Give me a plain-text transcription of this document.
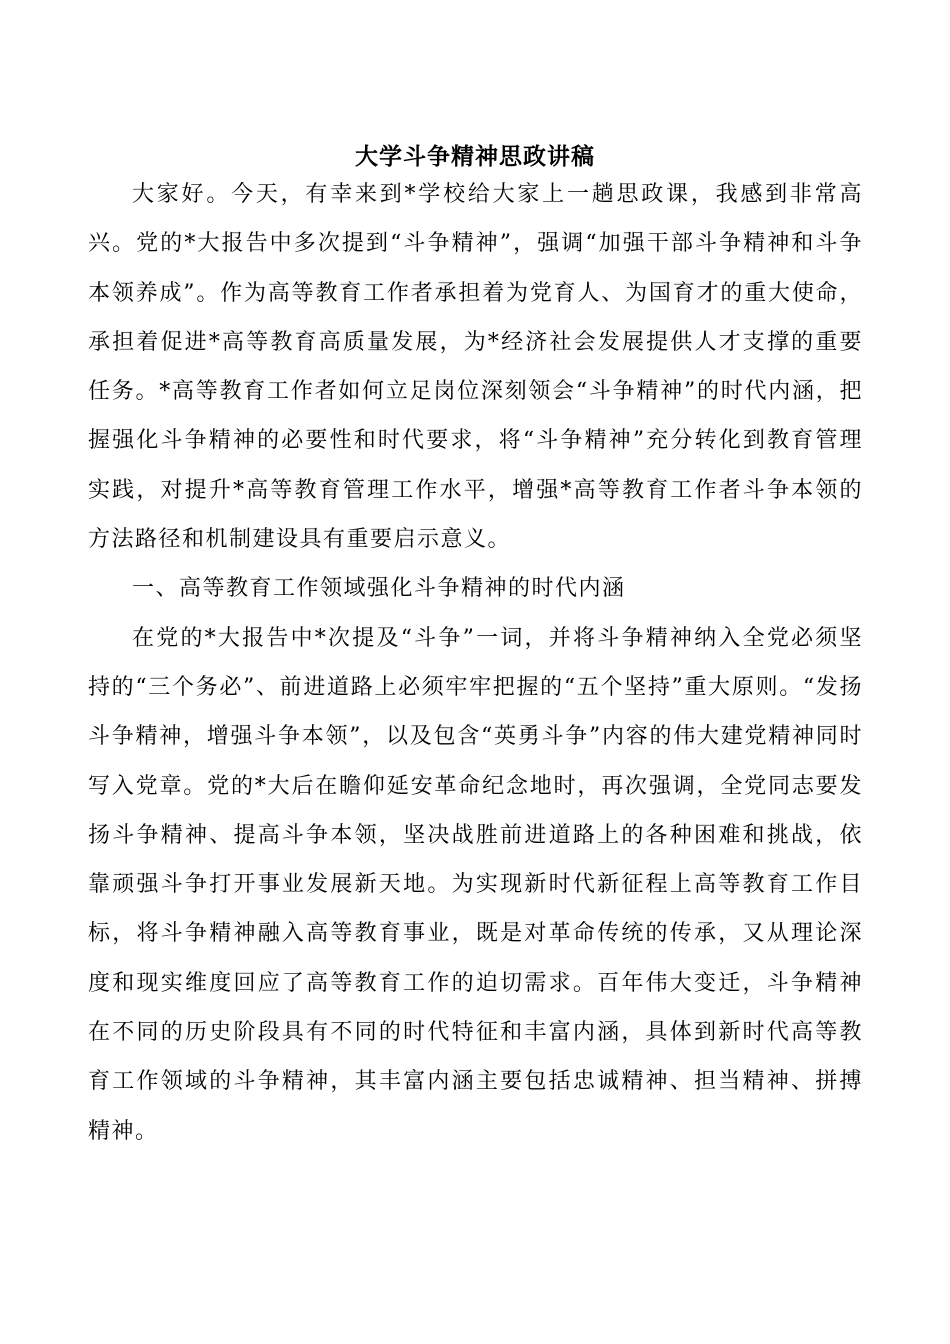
大学斗争精神思政讲稿

大家好。今天，有幸来到*学校给大家上一趟思政课，我感到非常高兴。党的*大报告中多次提到“斗争精神”，强调“加强干部斗争精神和斗争本领养成”。作为高等教育工作者承担着为党育人、为国育才的重大使命，承担着促进*高等教育高质量发展，为*经济社会发展提供人才支撑的重要任务。*高等教育工作者如何立足岗位深刻领会“斗争精神”的时代内涵，把握强化斗争精神的必要性和时代要求，将“斗争精神”充分转化到教育管理实践，对提升*高等教育管理工作水平，增强*高等教育工作者斗争本领的方法路径和机制建设具有重要启示意义。

一、高等教育工作领域强化斗争精神的时代内涵

在党的*大报告中*次提及“斗争”一词，并将斗争精神纳入全党必须坚持的“三个务必”、前进道路上必须牢牢把握的“五个坚持”重大原则。“发扬斗争精神，增强斗争本领”，以及包含“英勇斗争”内容的伟大建党精神同时写入党章。党的*大后在瞻仰延安革命纪念地时，再次强调，全党同志要发扬斗争精神、提高斗争本领，坚决战胜前进道路上的各种困难和挑战，依靠顽强斗争打开事业发展新天地。为实现新时代新征程上高等教育工作目标，将斗争精神融入高等教育事业，既是对革命传统的传承，又从理论深度和现实维度回应了高等教育工作的迫切需求。百年伟大变迁，斗争精神在不同的历史阶段具有不同的时代特征和丰富内涵，具体到新时代高等教育工作领域的斗争精神，其丰富内涵主要包括忠诚精神、担当精神、拼搏精神。
